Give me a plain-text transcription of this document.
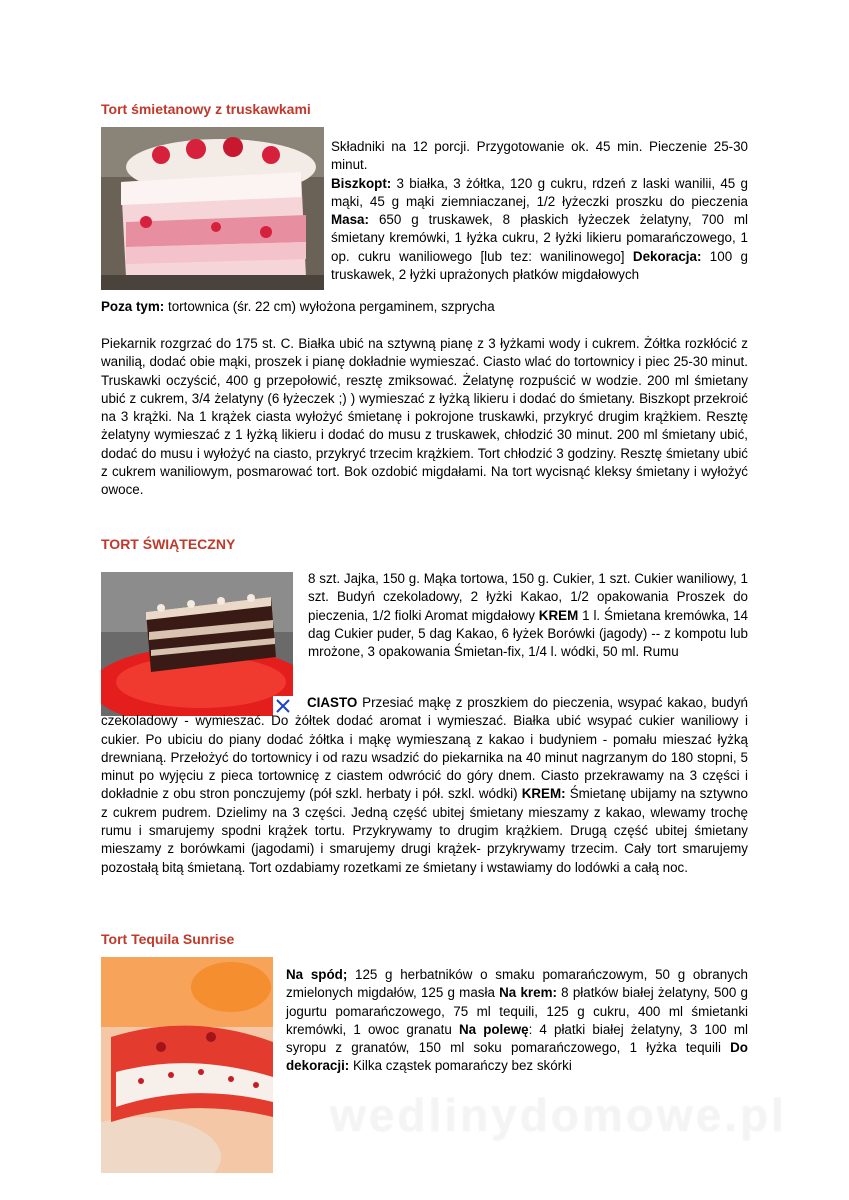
Tort śmietanowy z truskawkami

Składniki na 12 porcji. Przygotowanie ok. 45 min. Pieczenie 25-30 minut.

Biszkopt: 3 białka, 3 żółtka, 120 g cukru, rdzeń z laski wanilii, 45 g mąki, 45 g mąki ziemniaczanej, 1/2 łyżeczki proszku do pieczenia Masa: 650 g truskawek, 8 płaskich łyżeczek żelatyny, 700 ml śmietany kremówki, 1 łyżka cukru, 2 łyżki likieru pomarańczowego, 1 op. cukru waniliowego [lub tez: wanilinowego] Dekoracja: 100 g truskawek, 2 łyżki uprażonych płatków migdałowych

Poza tym: tortownica (śr. 22 cm) wyłożona pergaminem, szprycha

Piekarnik rozgrzać do 175 st. C. Białka ubić na sztywną pianę z 3 łyżkami wody i cukrem. Żółtka rozkłócić z wanilią, dodać obie mąki, proszek i pianę dokładnie wymieszać. Ciasto wlać do tortownicy i piec 25-30 minut. Truskawki oczyścić, 400 g przepołowić, resztę zmiksować. Żelatynę rozpuścić w wodzie. 200 ml śmietany ubić z cukrem, 3/4 żelatyny (6 łyżeczek ;) ) wymieszać z łyżką likieru i dodać do śmietany. Biszkopt przekroić na 3 krążki. Na 1 krążek ciasta wyłożyć śmietanę i pokrojone truskawki, przykryć drugim krążkiem. Resztę żelatyny wymieszać z 1 łyżką likieru i dodać do musu z truskawek, chłodzić 30 minut. 200 ml śmietany ubić, dodać do musu i wyłożyć na ciasto, przykryć trzecim krążkiem. Tort chłodzić 3 godziny. Resztę śmietany ubić z cukrem waniliowym, posmarować tort. Bok ozdobić migdałami. Na tort wycisnąć kleksy śmietany i wyłożyć owoce.

TORT ŚWIĄTECZNY

8 szt. Jajka, 150 g. Mąka tortowa, 150 g. Cukier, 1 szt. Cukier waniliowy, 1 szt. Budyń czekoladowy, 2 łyżki Kakao, 1/2 opakowania Proszek do pieczenia, 1/2 fiolki Aromat migdałowy KREM 1 l. Śmietana kremówka, 14 dag Cukier puder, 5 dag Kakao, 6 łyżek Borówki (jagody) -- z kompotu lub mrożone, 3 opakowania Śmietan-fix, 1/4 l. wódki, 50 ml. Rumu

CIASTO Przesiać mąkę z proszkiem do pieczenia, wsypać kakao, budyń czekoladowy - wymieszać. Do żółtek dodać aromat i wymieszać. Białka ubić wsypać cukier waniliowy i cukier. Po ubiciu do piany dodać żółtka i mąkę wymieszaną z kakao i budyniem - pomału mieszać łyżką drewnianą. Przełożyć do tortownicy i od razu wsadzić do piekarnika na 40 minut nagrzanym do 180 stopni, 5 minut po wyjęciu z pieca tortownicę z ciastem odwrócić do góry dnem. Ciasto przekrawamy na 3 części i dokładnie z obu stron ponczujemy (pół szkl. herbaty i pół. szkl. wódki) KREM: Śmietanę ubijamy na sztywno z cukrem pudrem. Dzielimy na 3 części. Jedną część ubitej śmietany mieszamy z kakao, wlewamy trochę rumu i smarujemy spodni krążek tortu. Przykrywamy to drugim krążkiem. Drugą część ubitej śmietany mieszamy z borówkami (jagodami) i smarujemy drugi krążek- przykrywamy trzecim. Cały tort smarujemy pozostałą bitą śmietaną. Tort ozdabiamy rozetkami ze śmietany i wstawiamy do lodówki a całą noc.

Tort Tequila Sunrise

Na spód; 125 g herbatników o smaku pomarańczowym, 50 g obranych zmielonych migdałów, 125 g masła Na krem: 8 płatków białej żelatyny, 500 g jogurtu pomarańczowego, 75 ml tequili, 125 g cukru, 400 ml śmietanki kremówki, 1 owoc granatu Na polewę: 4 płatki białej żelatyny, 3 100 ml syropu z granatów, 150 ml soku pomarańczowego, 1 łyżka tequili Do dekoracji: Kilka cząstek pomarańczy bez skórki

wedlinydomowe.pl
